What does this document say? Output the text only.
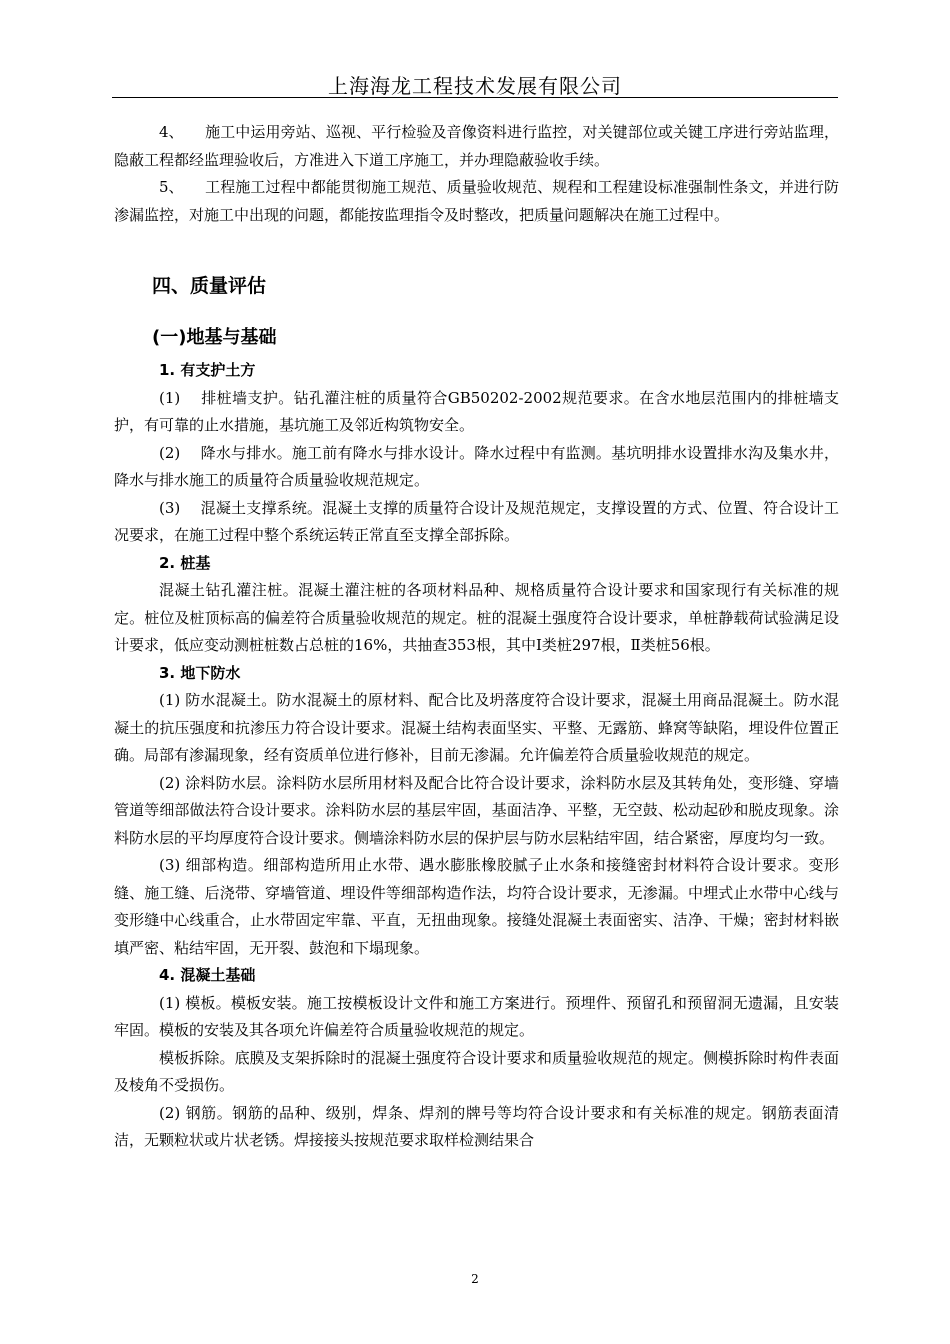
上海海龙工程技术发展有限公司

4、 施工中运用旁站、巡视、平行检验及音像资料进行监控，对关键部位或关键工序进行旁站监理，隐蔽工程都经监理验收后，方准进入下道工序施工，并办理隐蔽验收手续。

5、 工程施工过程中都能贯彻施工规范、质量验收规范、规程和工程建设标准强制性条文，并进行防渗漏监控，对施工中出现的问题，都能按监理指令及时整改，把质量问题解决在施工过程中。

四、质量评估

(一)地基与基础

1. 有支护土方

(1)　 排桩墙支护。钻孔灌注桩的质量符合GB50202-2002规范要求。在含水地层范围内的排桩墙支护，有可靠的止水措施，基坑施工及邻近构筑物安全。

(2)　 降水与排水。施工前有降水与排水设计。降水过程中有监测。基坑明排水设置排水沟及集水井，降水与排水施工的质量符合质量验收规范规定。

(3)　 混凝土支撑系统。混凝土支撑的质量符合设计及规范规定，支撑设置的方式、位置、符合设计工况要求，在施工过程中整个系统运转正常直至支撑全部拆除。

2. 桩基

混凝土钻孔灌注桩。混凝土灌注桩的各项材料品种、规格质量符合设计要求和国家现行有关标准的规定。桩位及桩顶标高的偏差符合质量验收规范的规定。桩的混凝土强度符合设计要求，单桩静载荷试验满足设计要求，低应变动测桩桩数占总桩的16%，共抽查353根，其中Ⅰ类桩297根，Ⅱ类桩56根。

3. 地下防水

(1) 防水混凝土。防水混凝土的原材料、配合比及坍落度符合设计要求，混凝土用商品混凝土。防水混凝土的抗压强度和抗渗压力符合设计要求。混凝土结构表面坚实、平整、无露筋、蜂窝等缺陷，埋设件位置正确。局部有渗漏现象，经有资质单位进行修补，目前无渗漏。允许偏差符合质量验收规范的规定。

(2) 涂料防水层。涂料防水层所用材料及配合比符合设计要求，涂料防水层及其转角处，变形缝、穿墙管道等细部做法符合设计要求。涂料防水层的基层牢固，基面洁净、平整，无空鼓、松动起砂和脱皮现象。涂料防水层的平均厚度符合设计要求。侧墙涂料防水层的保护层与防水层粘结牢固，结合紧密，厚度均匀一致。

(3) 细部构造。细部构造所用止水带、遇水膨胀橡胶腻子止水条和接缝密封材料符合设计要求。变形缝、施工缝、后浇带、穿墙管道、埋设件等细部构造作法，均符合设计要求，无渗漏。中埋式止水带中心线与变形缝中心线重合，止水带固定牢靠、平直，无扭曲现象。接缝处混凝土表面密实、洁净、干燥；密封材料嵌填严密、粘结牢固，无开裂、鼓泡和下塌现象。

4. 混凝土基础

(1) 模板。模板安装。施工按模板设计文件和施工方案进行。预埋件、预留孔和预留洞无遗漏，且安装牢固。模板的安装及其各项允许偏差符合质量验收规范的规定。

模板拆除。底膜及支架拆除时的混凝土强度符合设计要求和质量验收规范的规定。侧模拆除时构件表面及棱角不受损伤。

(2) 钢筋。钢筋的品种、级别，焊条、焊剂的牌号等均符合设计要求和有关标准的规定。钢筋表面清洁，无颗粒状或片状老锈。焊接接头按规范要求取样检测结果合

2
